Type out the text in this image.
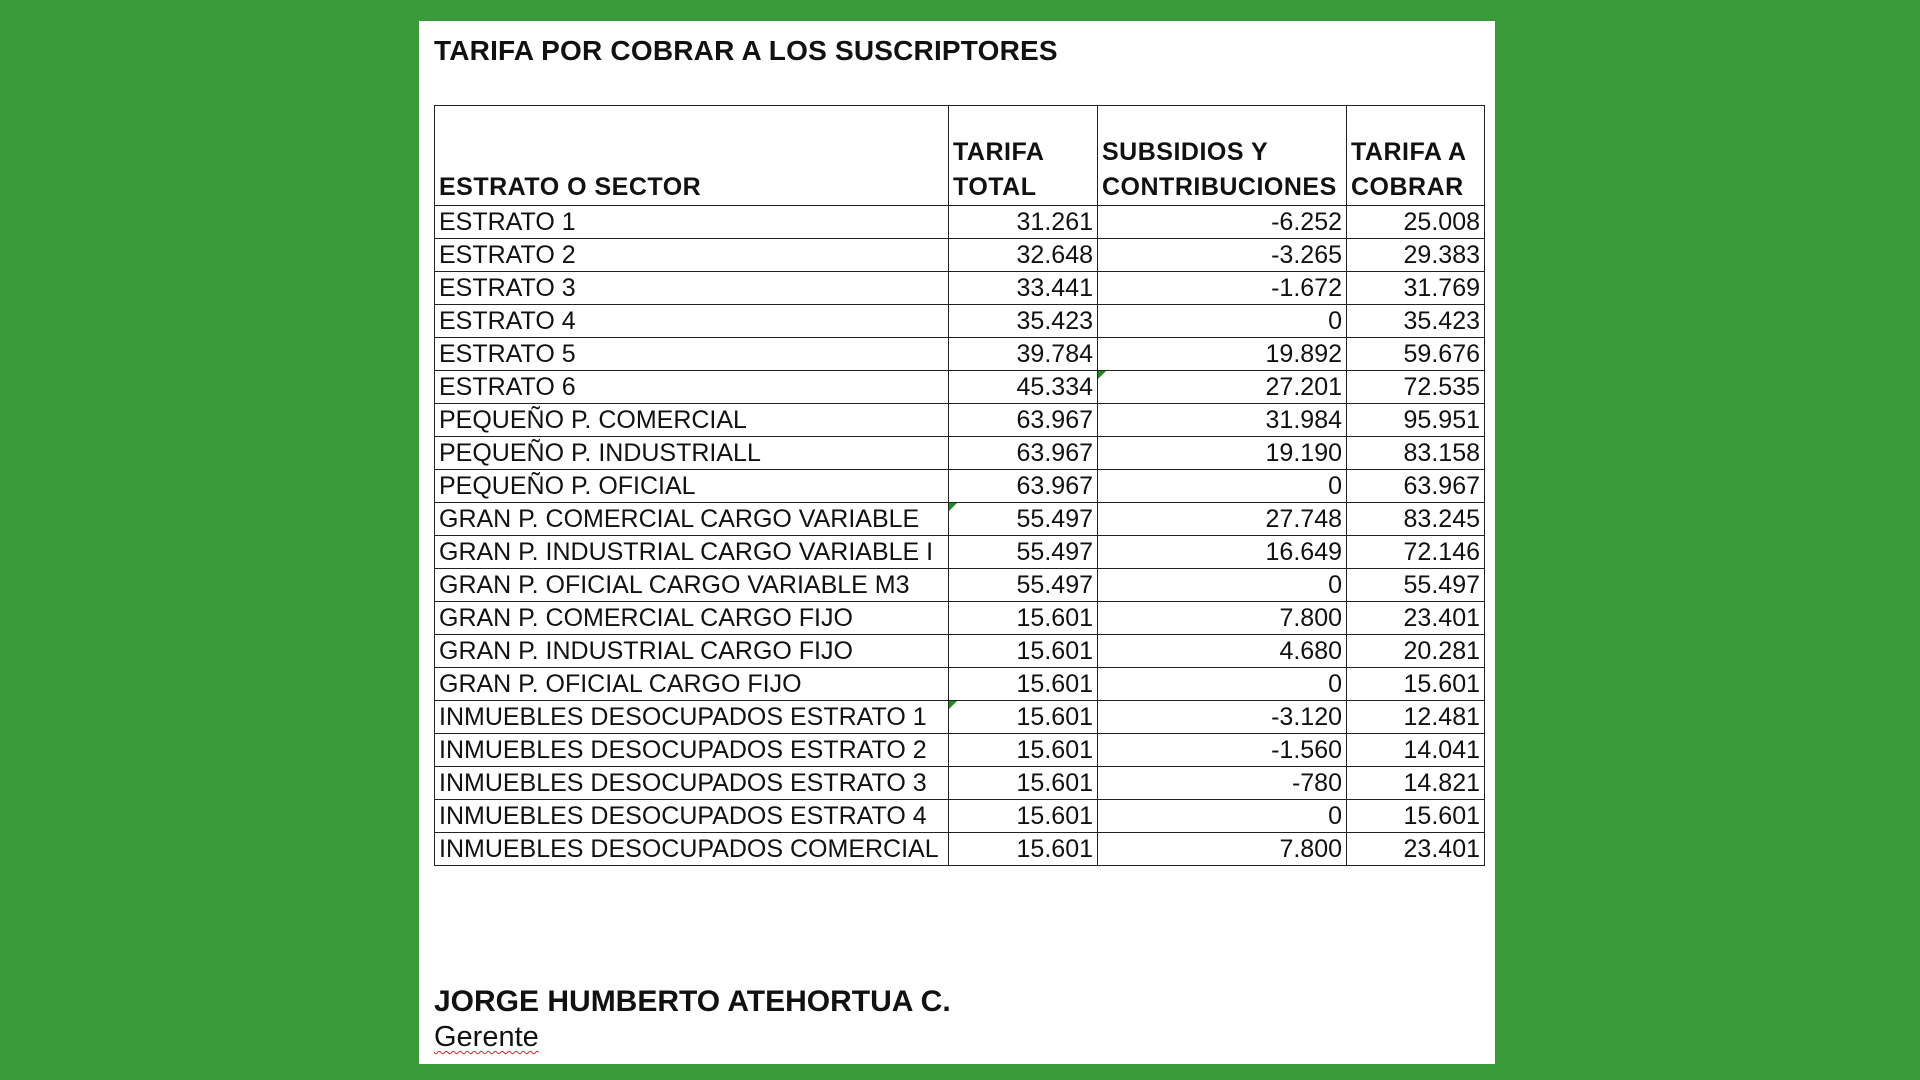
TARIFA POR COBRAR A LOS SUSCRIPTORES
ESTRATO O SECTOR	TARIFA TOTAL	SUBSIDIOS Y CONTRIBUCIONES	TARIFA A COBRAR
ESTRATO 1	31.261	-6.252	25.008
ESTRATO 2	32.648	-3.265	29.383
ESTRATO 3	33.441	-1.672	31.769
ESTRATO 4	35.423	0	35.423
ESTRATO 5	39.784	19.892	59.676
ESTRATO 6	45.334	27.201	72.535
PEQUEÑO P. COMERCIAL	63.967	31.984	95.951
PEQUEÑO P. INDUSTRIALL	63.967	19.190	83.158
PEQUEÑO P. OFICIAL	63.967	0	63.967
GRAN P. COMERCIAL CARGO VARIABLE	55.497	27.748	83.245
GRAN P. INDUSTRIAL CARGO VARIABLE I	55.497	16.649	72.146
GRAN P. OFICIAL CARGO VARIABLE M3	55.497	0	55.497
GRAN P. COMERCIAL CARGO FIJO	15.601	7.800	23.401
GRAN P. INDUSTRIAL CARGO FIJO	15.601	4.680	20.281
GRAN P. OFICIAL CARGO FIJO	15.601	0	15.601
INMUEBLES DESOCUPADOS ESTRATO 1	15.601	-3.120	12.481
INMUEBLES DESOCUPADOS ESTRATO 2	15.601	-1.560	14.041
INMUEBLES DESOCUPADOS ESTRATO 3	15.601	-780	14.821
INMUEBLES DESOCUPADOS ESTRATO 4	15.601	0	15.601
INMUEBLES DESOCUPADOS COMERCIAL	15.601	7.800	23.401
JORGE HUMBERTO ATEHORTUA C.
Gerente
